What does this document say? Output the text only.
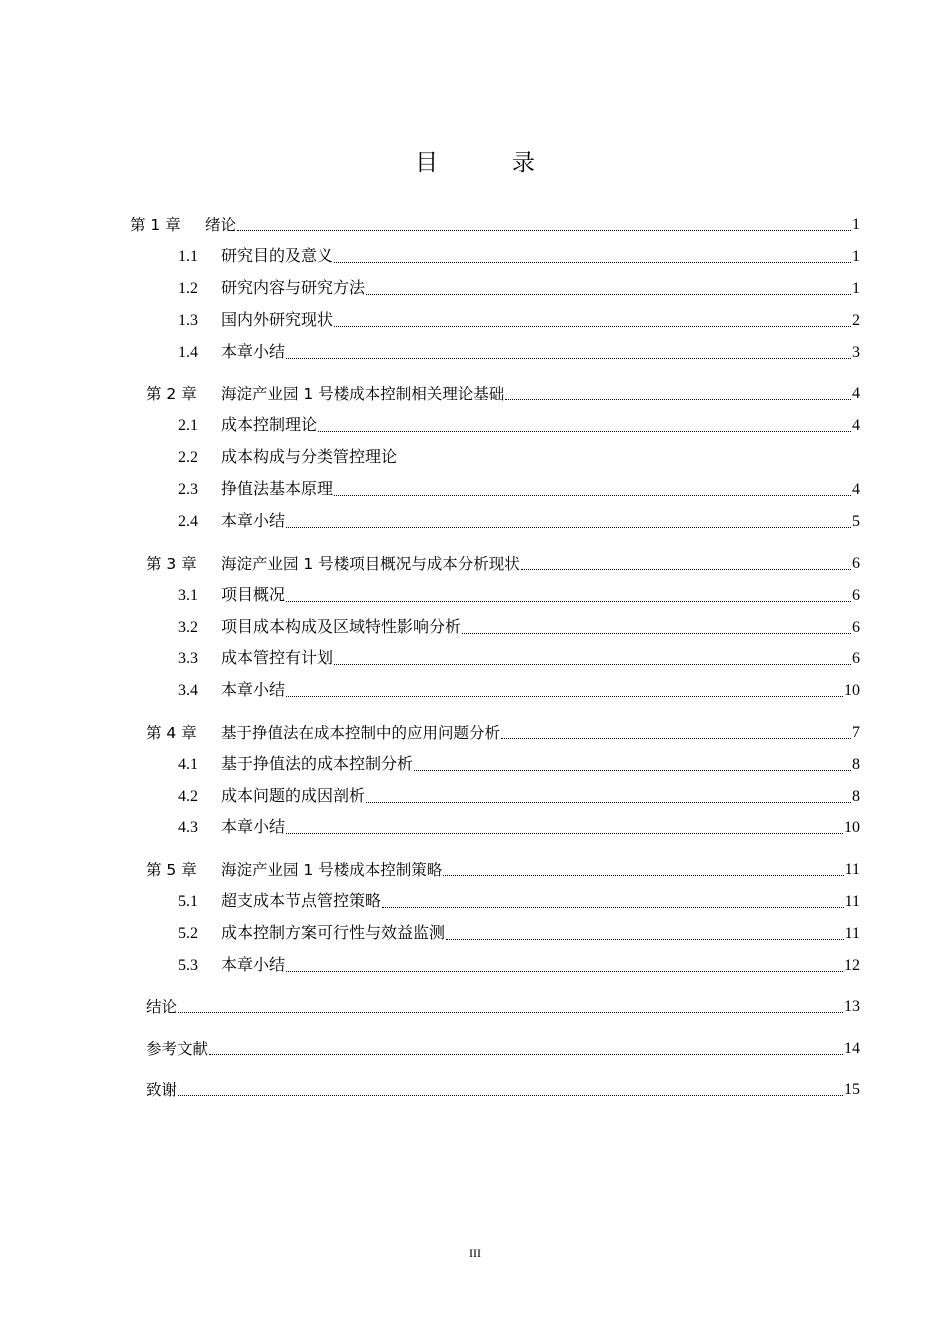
目 录
第 1 章	绪论	1
1.1	研究目的及意义	1
1.2	研究内容与研究方法	1
1.3	国内外研究现状	2
1.4	本章小结	3
第 2 章	海淀产业园 1 号楼成本控制相关理论基础	4
2.1	成本控制理论	4
2.2	成本构成与分类管控理论
2.3	挣值法基本原理	4
2.4	本章小结	5
第 3 章	海淀产业园 1 号楼项目概况与成本分析现状	6
3.1	项目概况	6
3.2	项目成本构成及区域特性影响分析	6
3.3	成本管控有计划	6
3.4	本章小结	10
第 4 章	基于挣值法在成本控制中的应用问题分析	7
4.1	基于挣值法的成本控制分析	8
4.2	成本问题的成因剖析	8
4.3	本章小结	10
第 5 章	海淀产业园 1 号楼成本控制策略	11
5.1	超支成本节点管控策略	11
5.2	成本控制方案可行性与效益监测	11
5.3	本章小结	12
结论	13
参考文献	14
致谢	15
III
